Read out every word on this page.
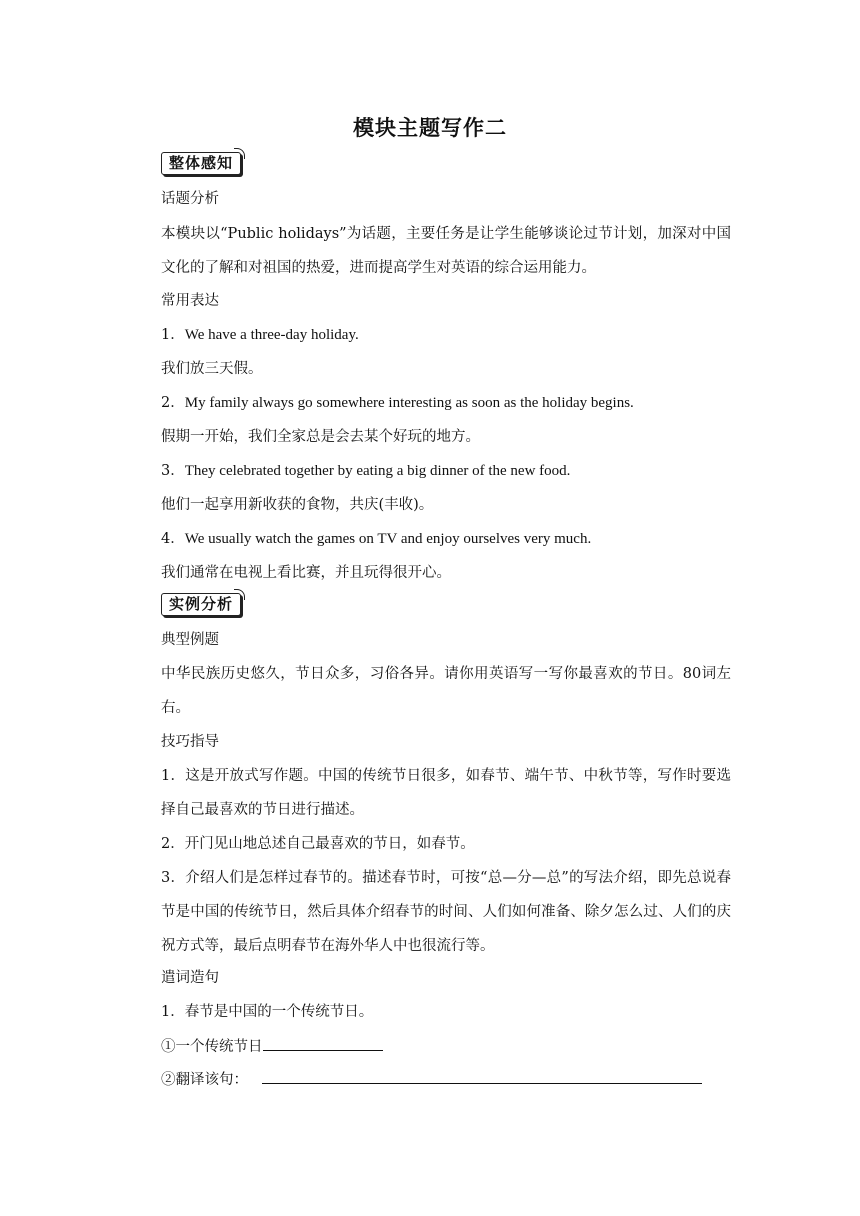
模块主题写作二
整体感知
话题分析
本模块以“Public holidays”为话题，主要任务是让学生能够谈论过节计划，加深对中国文化的了解和对祖国的热爱，进而提高学生对英语的综合运用能力。
常用表达
1．We have a three-day holiday.
我们放三天假。
2．My family always go somewhere interesting as soon as the holiday begins.
假期一开始，我们全家总是会去某个好玩的地方。
3．They celebrated together by eating a big dinner of the new food.
他们一起享用新收获的食物，共庆(丰收)。
4．We usually watch the games on TV and enjoy ourselves very much.
我们通常在电视上看比赛，并且玩得很开心。
实例分析
典型例题
中华民族历史悠久，节日众多，习俗各异。请你用英语写一写你最喜欢的节日。80词左右。
技巧指导
1．这是开放式写作题。中国的传统节日很多，如春节、端午节、中秋节等，写作时要选择自己最喜欢的节日进行描述。
2．开门见山地总述自己最喜欢的节日，如春节。
3．介绍人们是怎样过春节的。描述春节时，可按“总—分—总”的写法介绍，即先总说春节是中国的传统节日，然后具体介绍春节的时间、人们如何准备、除夕怎么过、人们的庆祝方式等，最后点明春节在海外华人中也很流行等。
遣词造句
1．春节是中国的一个传统节日。
①一个传统节日
②翻译该句：
